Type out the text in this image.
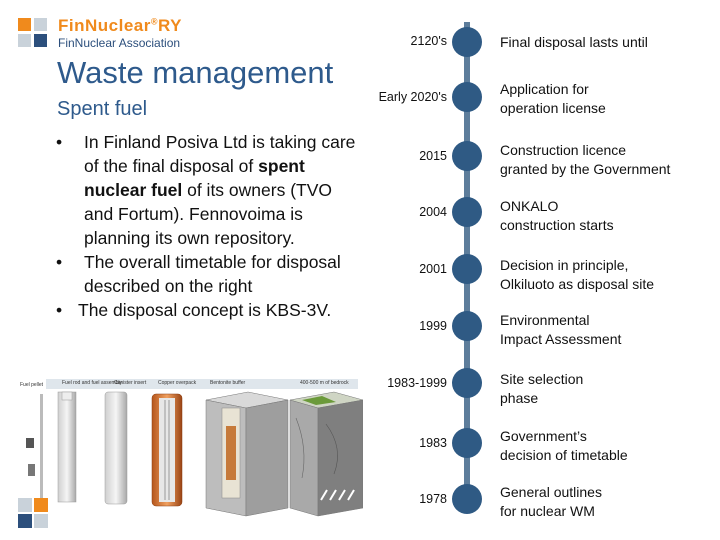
FinNuclear®RY
FinNuclear Association
Waste management
Spent fuel

• In Finland Posiva Ltd is taking care of the final disposal of spent nuclear fuel of its owners (TVO and Fortum). Fennovoima is planning its own repository.

• The overall timetable for disposal described on the right

• The disposal concept is KBS-3V.

Fuel pellet	Fuel rod and fuel assembly
Canister insert Copper overpack	Bentonite buffer	400-500 m of bedrock
2120's	Final disposal lasts until
Early 2020's	Application for
operation license
2015	Construction licence
granted by the Government
2004	ONKALO
construction starts
2001	Decision in principle,
Olkiluoto as disposal site
1999	Environmental
Impact Assessment
1983-1999	Site selection
phase
1983	Government’s
decision of timetable
1978	General outlines
for nuclear WM
